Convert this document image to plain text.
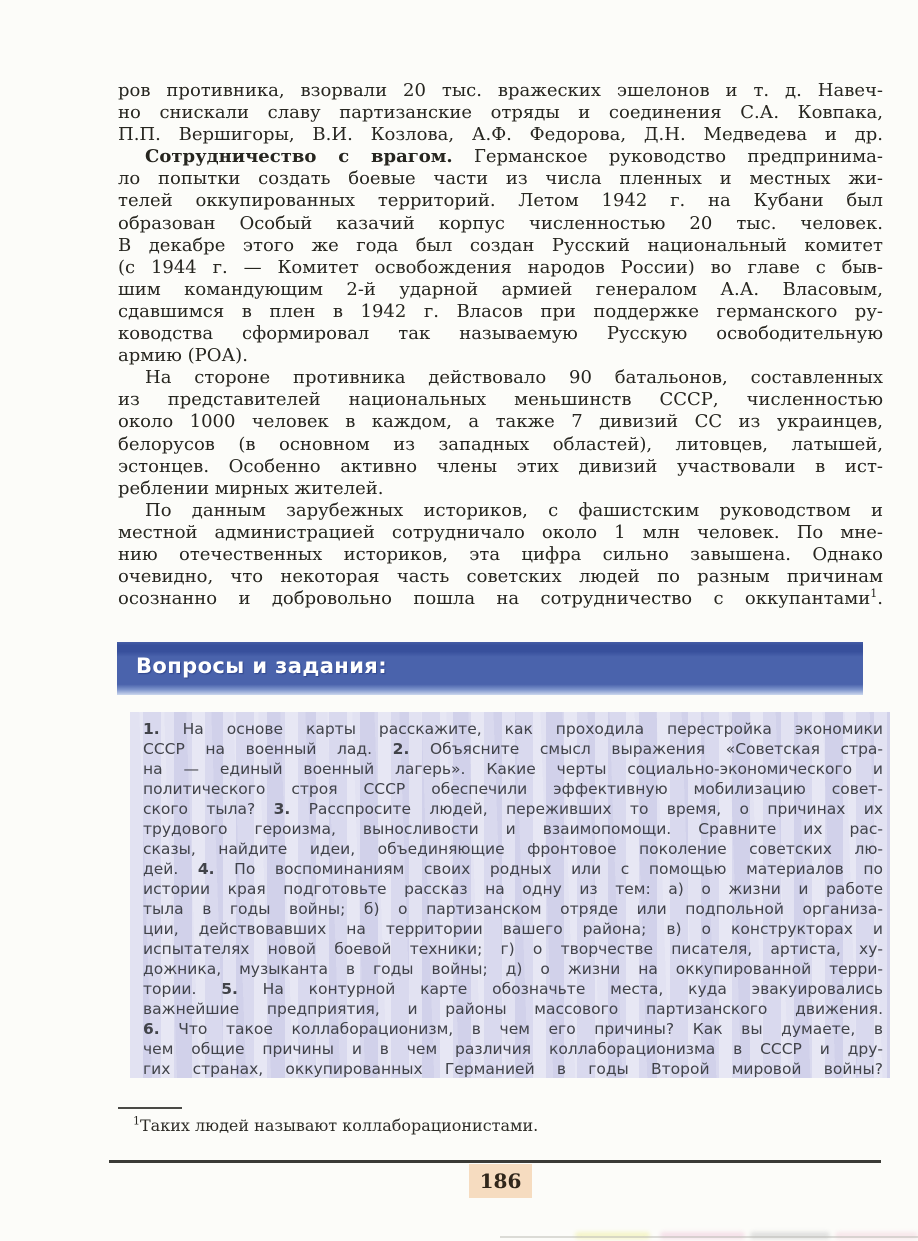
ров противника, взорвали 20 тыс. вражеских эшелонов и т. д. Навеч-
но снискали славу партизанские отряды и соединения С.А. Ковпака,
П.П. Вершигоры, В.И. Козлова, А.Ф. Федорова, Д.Н. Медведева и др.
Сотрудничество с врагом. Германское руководство предпринима-
ло попытки создать боевые части из числа пленных и местных жи-
телей оккупированных территорий. Летом 1942 г. на Кубани был
образован Особый казачий корпус численностью 20 тыс. человек.
В декабре этого же года был создан Русский национальный комитет
(с 1944 г. — Комитет освобождения народов России) во главе с быв-
шим командующим 2-й ударной армией генералом А.А. Власовым,
сдавшимся в плен в 1942 г. Власов при поддержке германского ру-
ководства сформировал так называемую Русскую освободительную
армию (РОА).
На стороне противника действовало 90 батальонов, составленных
из представителей национальных меньшинств СССР, численностью
около 1000 человек в каждом, а также 7 дивизий СС из украинцев,
белорусов (в основном из западных областей), литовцев, латышей,
эстонцев. Особенно активно члены этих дивизий участвовали в ист-
реблении мирных жителей.
По данным зарубежных историков, с фашистским руководством и
местной администрацией сотрудничало около 1 млн человек. По мне-
нию отечественных историков, эта цифра сильно завышена. Однако
очевидно, что некоторая часть советских людей по разным причинам
осознанно и добровольно пошла на сотрудничество с оккупантами$^1$.
Вопросы и задания:
1. На основе карты расскажите, как проходила перестройка экономики
СССР на военный лад. 2. Объясните смысл выражения «Советская стра-
на — единый военный лагерь». Какие черты социально-экономического и
политического строя СССР обеспечили эффективную мобилизацию совет-
ского тыла? 3. Расспросите людей, переживших то время, о причинах их
трудового героизма, выносливости и взаимопомощи. Сравните их рас-
сказы, найдите идеи, объединяющие фронтовое поколение советских лю-
дей. 4. По воспоминаниям своих родных или с помощью материалов по
истории края подготовьте рассказ на одну из тем: а) о жизни и работе
тыла в годы войны; б) о партизанском отряде или подпольной организа-
ции, действовавших на территории вашего района; в) о конструкторах и
испытателях новой боевой техники; г) о творчестве писателя, артиста, ху-
дожника, музыканта в годы войны; д) о жизни на оккупированной терри-
тории. 5. На контурной карте обозначьте места, куда эвакуировались
важнейшие предприятия, и районы массового партизанского движения.
6. Что такое коллаборационизм, в чем его причины? Как вы думаете, в
чем общие причины и в чем различия коллаборационизма в СССР и дру-
гих странах, оккупированных Германией в годы Второй мировой войны?
$^1$Таких людей называют коллаборационистами.
186
